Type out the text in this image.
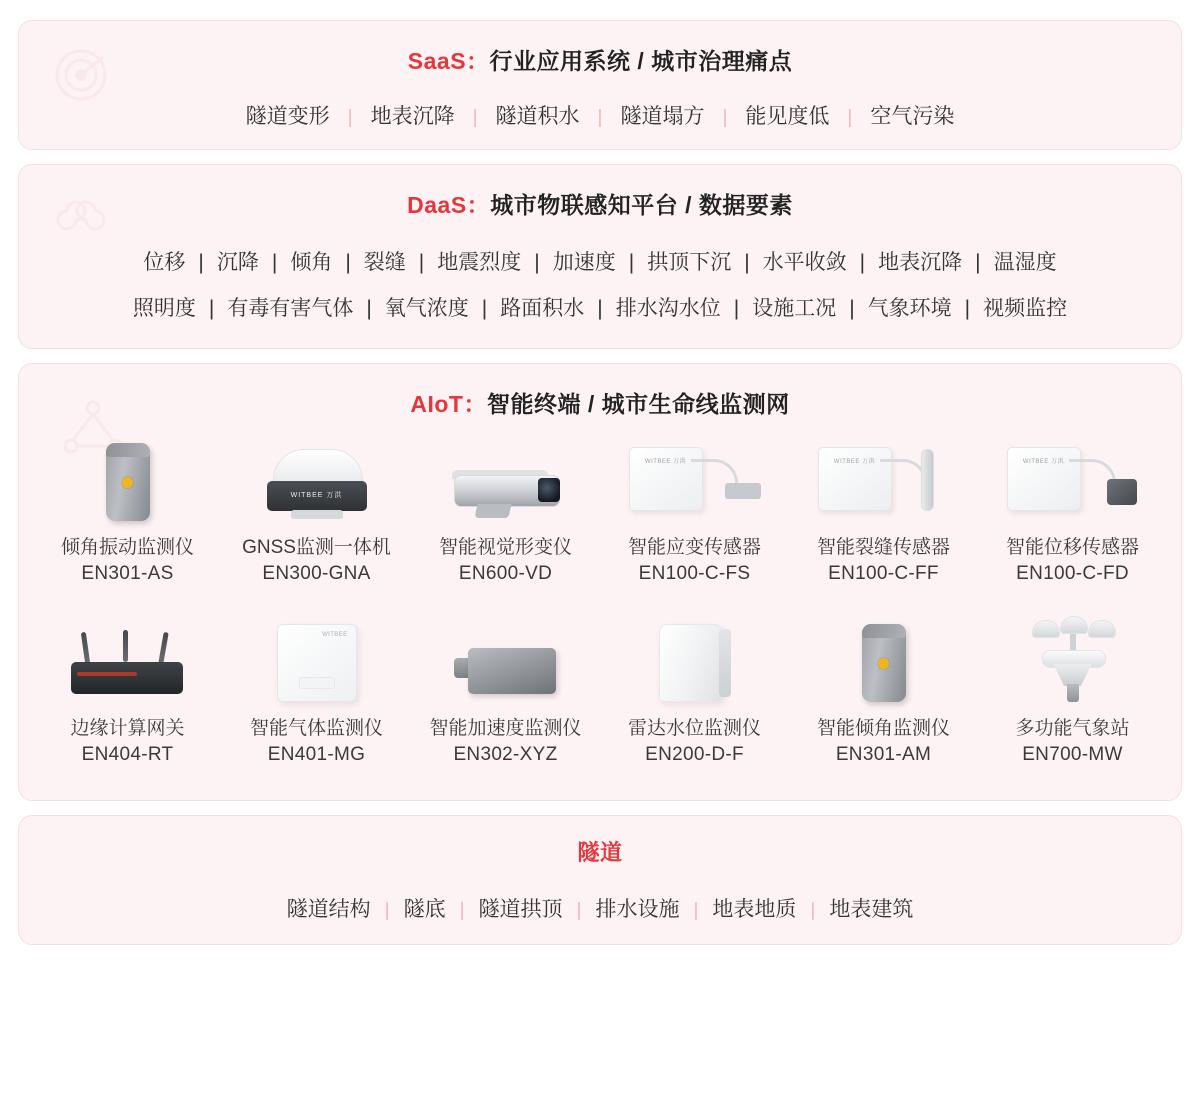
SaaS：行业应用系统 / 城市治理痛点
隧道变形 | 地表沉降 | 隧道积水 | 隧道塌方 | 能见度低 | 空气污染
DaaS：城市物联感知平台 / 数据要素
位移 | 沉降 | 倾角 | 裂缝 | 地震烈度 | 加速度 | 拱顶下沉 | 水平收敛 | 地表沉降 | 温湿度
照明度 | 有毒有害气体 | 氧气浓度 | 路面积水 | 排水沟水位 | 设施工况 | 气象环境 | 视频监控
AIoT：智能终端 / 城市生命线监测网
倾角振动监测仪
EN301-AS
WITBEE 万洪
GNSS监测一体机
EN300-GNA
智能视觉形变仪
EN600-VD
WITBEE 万洪
智能应变传感器
EN100-C-FS
WITBEE 万洪
智能裂缝传感器
EN100-C-FF
WITBEE 万洪
智能位移传感器
EN100-C-FD
边缘计算网关
EN404-RT
WITBEE
智能气体监测仪
EN401-MG
智能加速度监测仪
EN302-XYZ
雷达水位监测仪
EN200-D-F
智能倾角监测仪
EN301-AM
多功能气象站
EN700-MW
隧道
隧道结构 | 隧底 | 隧道拱顶 | 排水设施 | 地表地质 | 地表建筑
